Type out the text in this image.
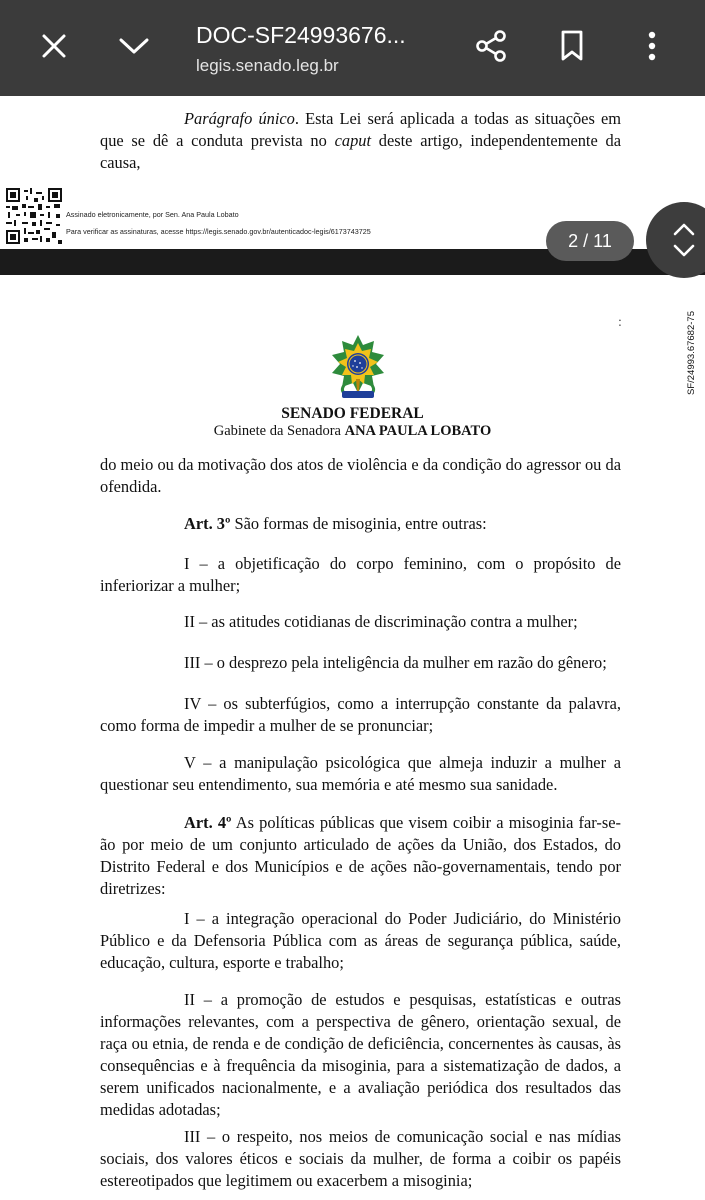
DOC-SF24993676...
legis.senado.leg.br

Parágrafo único. Esta Lei será aplicada a todas as situações em que se dê a conduta prevista no caput deste artigo, independentemente da causa,

Assinado eletronicamente, por Sen. Ana Paula Lobato
Para verificar as assinaturas, acesse https://legis.senado.gov.br/autenticadoc-legis/6173743725
:
SENADO FEDERAL
Gabinete da Senadora ANA PAULA LOBATO
SF/24993.67682-75

do meio ou da motivação dos atos de violência e da condição do agressor ou da ofendida.

Art. 3º São formas de misoginia, entre outras:

I – a objetificação do corpo feminino, com o propósito de inferiorizar a mulher;

II – as atitudes cotidianas de discriminação contra a mulher;

III – o desprezo pela inteligência da mulher em razão do gênero;

IV – os subterfúgios, como a interrupção constante da palavra, como forma de impedir a mulher de se pronunciar;

V – a manipulação psicológica que almeja induzir a mulher a questionar seu entendimento, sua memória e até mesmo sua sanidade.

Art. 4º As políticas públicas que visem coibir a misoginia far-se-ão por meio de um conjunto articulado de ações da União, dos Estados, do Distrito Federal e dos Municípios e de ações não-governamentais, tendo por diretrizes:

I – a integração operacional do Poder Judiciário, do Ministério Público e da Defensoria Pública com as áreas de segurança pública, saúde, educação, cultura, esporte e trabalho;

II – a promoção de estudos e pesquisas, estatísticas e outras informações relevantes, com a perspectiva de gênero, orientação sexual, de raça ou etnia, de renda e de condição de deficiência, concernentes às causas, às consequências e à frequência da misoginia, para a sistematização de dados, a serem unificados nacionalmente, e a avaliação periódica dos resultados das medidas adotadas;

III – o respeito, nos meios de comunicação social e nas mídias sociais, dos valores éticos e sociais da mulher, de forma a coibir os papéis estereotipados que legitimem ou exacerbem a misoginia;

2 / 11
